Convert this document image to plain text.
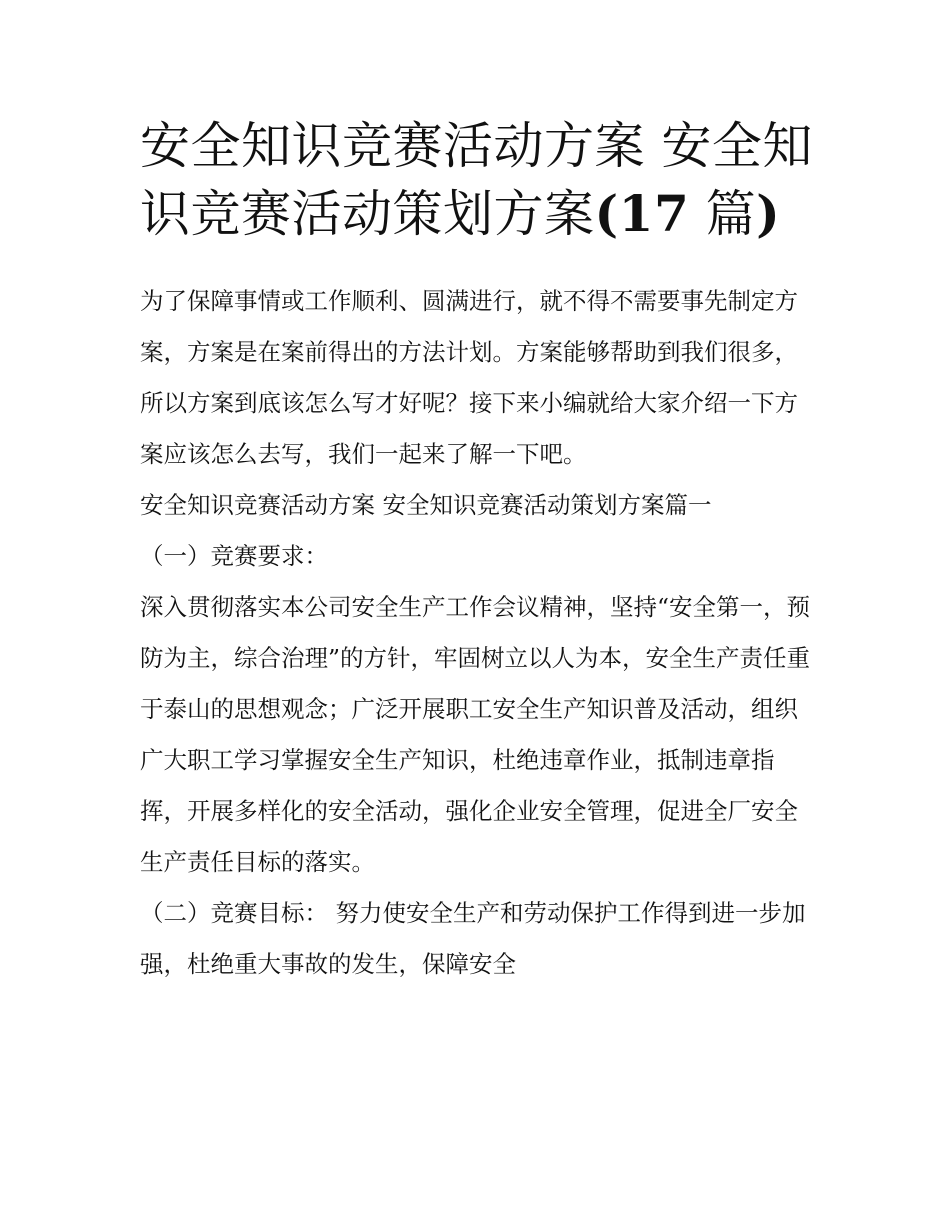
安全知识竞赛活动方案 安全知识竞赛活动策划方案(17 篇)

为了保障事情或工作顺利、圆满进行，就不得不需要事先制定方案，方案是在案前得出的方法计划。方案能够帮助到我们很多，所以方案到底该怎么写才好呢？接下来小编就给大家介绍一下方案应该怎么去写，我们一起来了解一下吧。

安全知识竞赛活动方案 安全知识竞赛活动策划方案篇一

（一）竞赛要求：

深入贯彻落实本公司安全生产工作会议精神，坚持“安全第一，预防为主，综合治理”的方针，牢固树立以人为本，安全生产责任重于泰山的思想观念；广泛开展职工安全生产知识普及活动，组织广大职工学习掌握安全生产知识，杜绝违章作业，抵制违章指挥，开展多样化的安全活动，强化企业安全管理，促进全厂安全生产责任目标的落实。

（二）竞赛目标： 努力使安全生产和劳动保护工作得到进一步加强，杜绝重大事故的发生，保障安全
